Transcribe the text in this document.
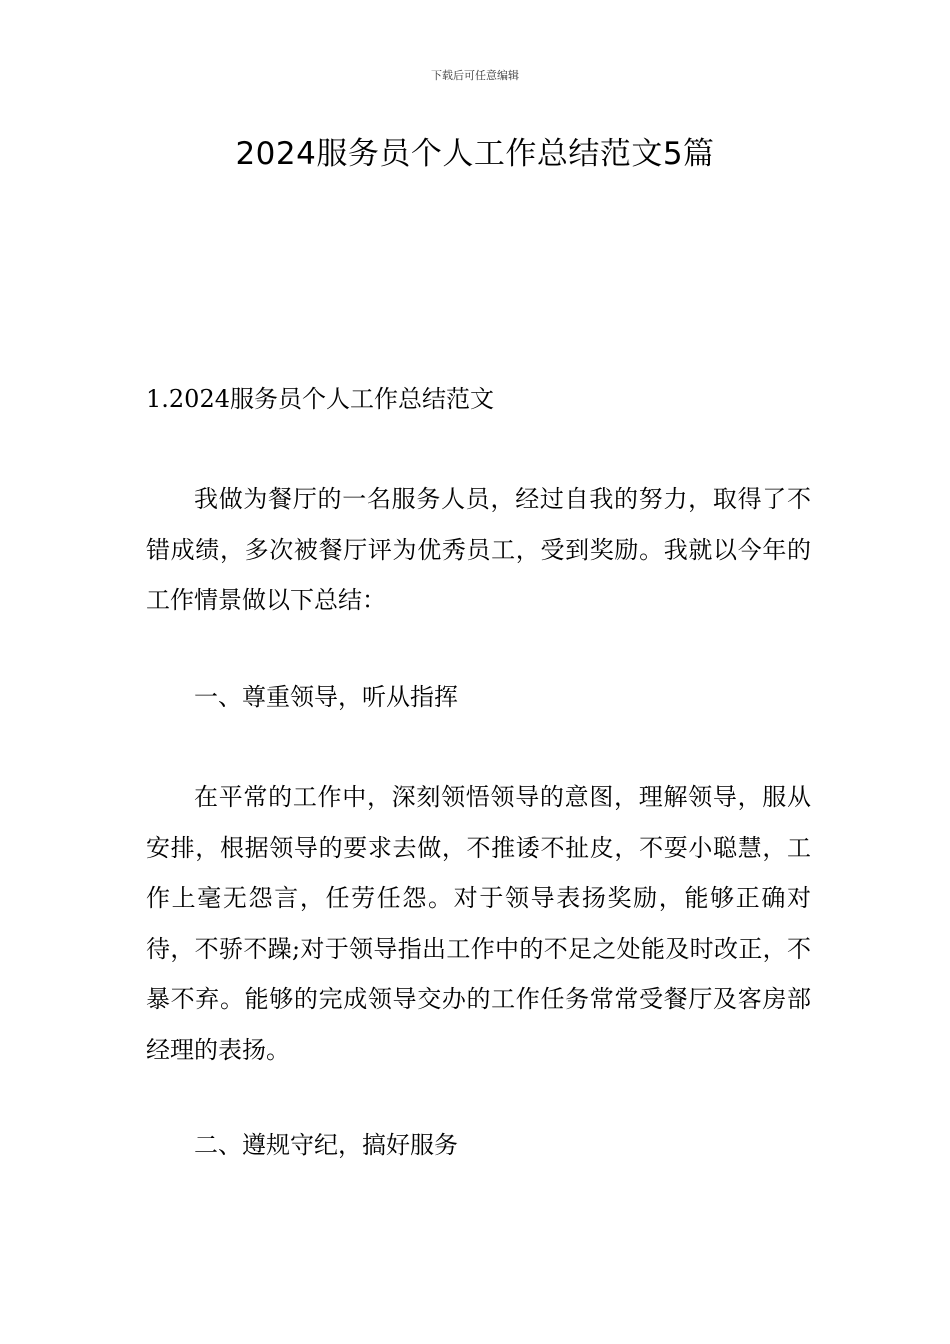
下载后可任意编辑
2024服务员个人工作总结范文5篇

1.2024服务员个人工作总结范文

我做为餐厅的一名服务人员，经过自我的努力，取得了不错成绩，多次被餐厅评为优秀员工，受到奖励。我就以今年的工作情景做以下总结：

一、尊重领导，听从指挥

在平常的工作中，深刻领悟领导的意图，理解领导，服从安排，根据领导的要求去做，不推诿不扯皮，不耍小聪慧，工作上毫无怨言，任劳任怨。对于领导表扬奖励，能够正确对待，不骄不躁;对于领导指出工作中的不足之处能及时改正，不暴不弃。能够的完成领导交办的工作任务常常受餐厅及客房部经理的表扬。

二、遵规守纪，搞好服务
